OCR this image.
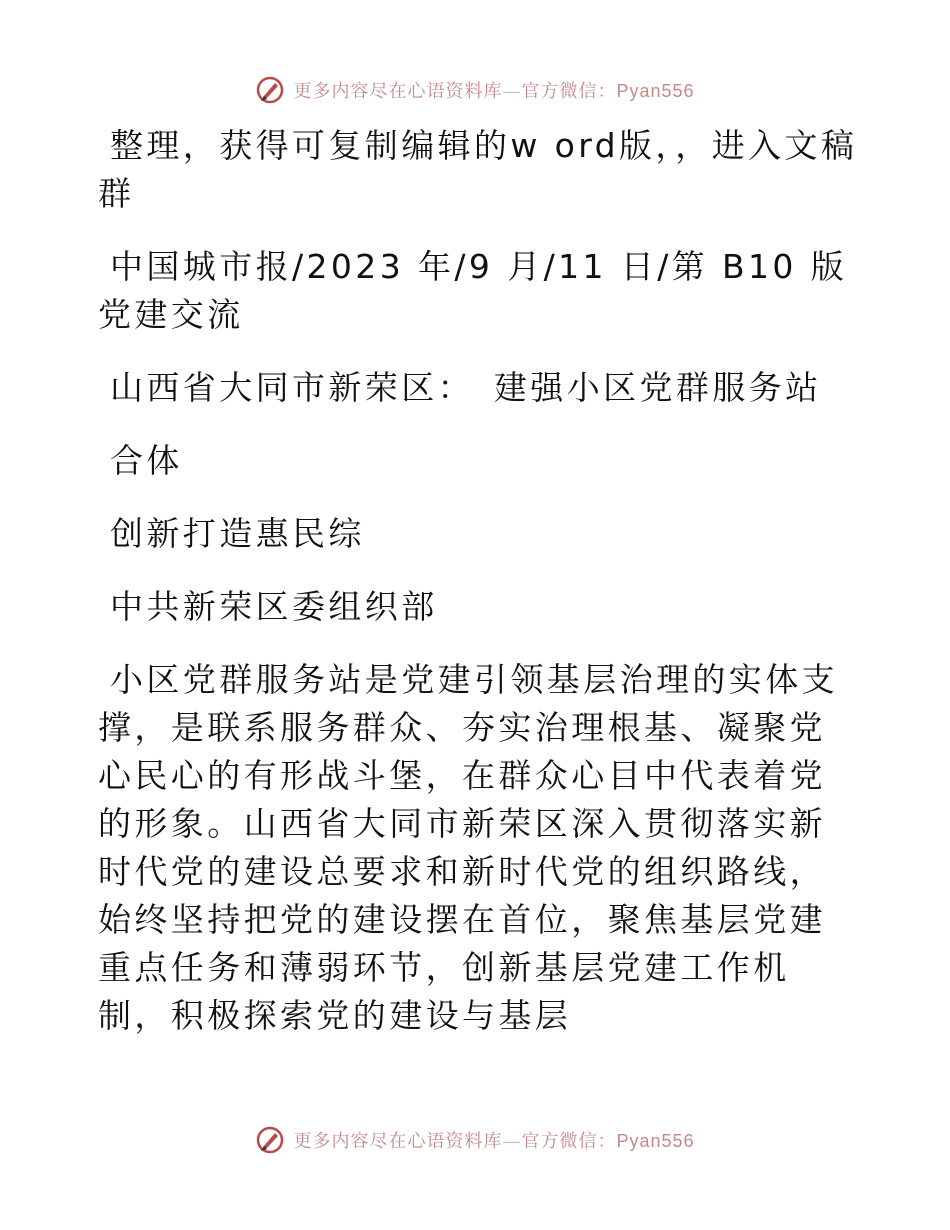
更多内容尽在心语资料库—官方微信：Pyan556

整理，获得可复制编辑的w ord版，，进入文稿群

中国城市报/2023 年/9 月/11 日/第 B10 版党建交流

山西省大同市新荣区：　建强小区党群服务站

合体

创新打造惠民综

中共新荣区委组织部

小区党群服务站是党建引领基层治理的实体支撑，是联系服务群众、夯实治理根基、凝聚党心民心的有形战斗堡，在群众心目中代表着党的形象。山西省大同市新荣区深入贯彻落实新时代党的建设总要求和新时代党的组织路线，始终坚持把党的建设摆在首位，聚焦基层党建重点任务和薄弱环节，创新基层党建工作机制，积极探索党的建设与基层

更多内容尽在心语资料库—官方微信：Pyan556
